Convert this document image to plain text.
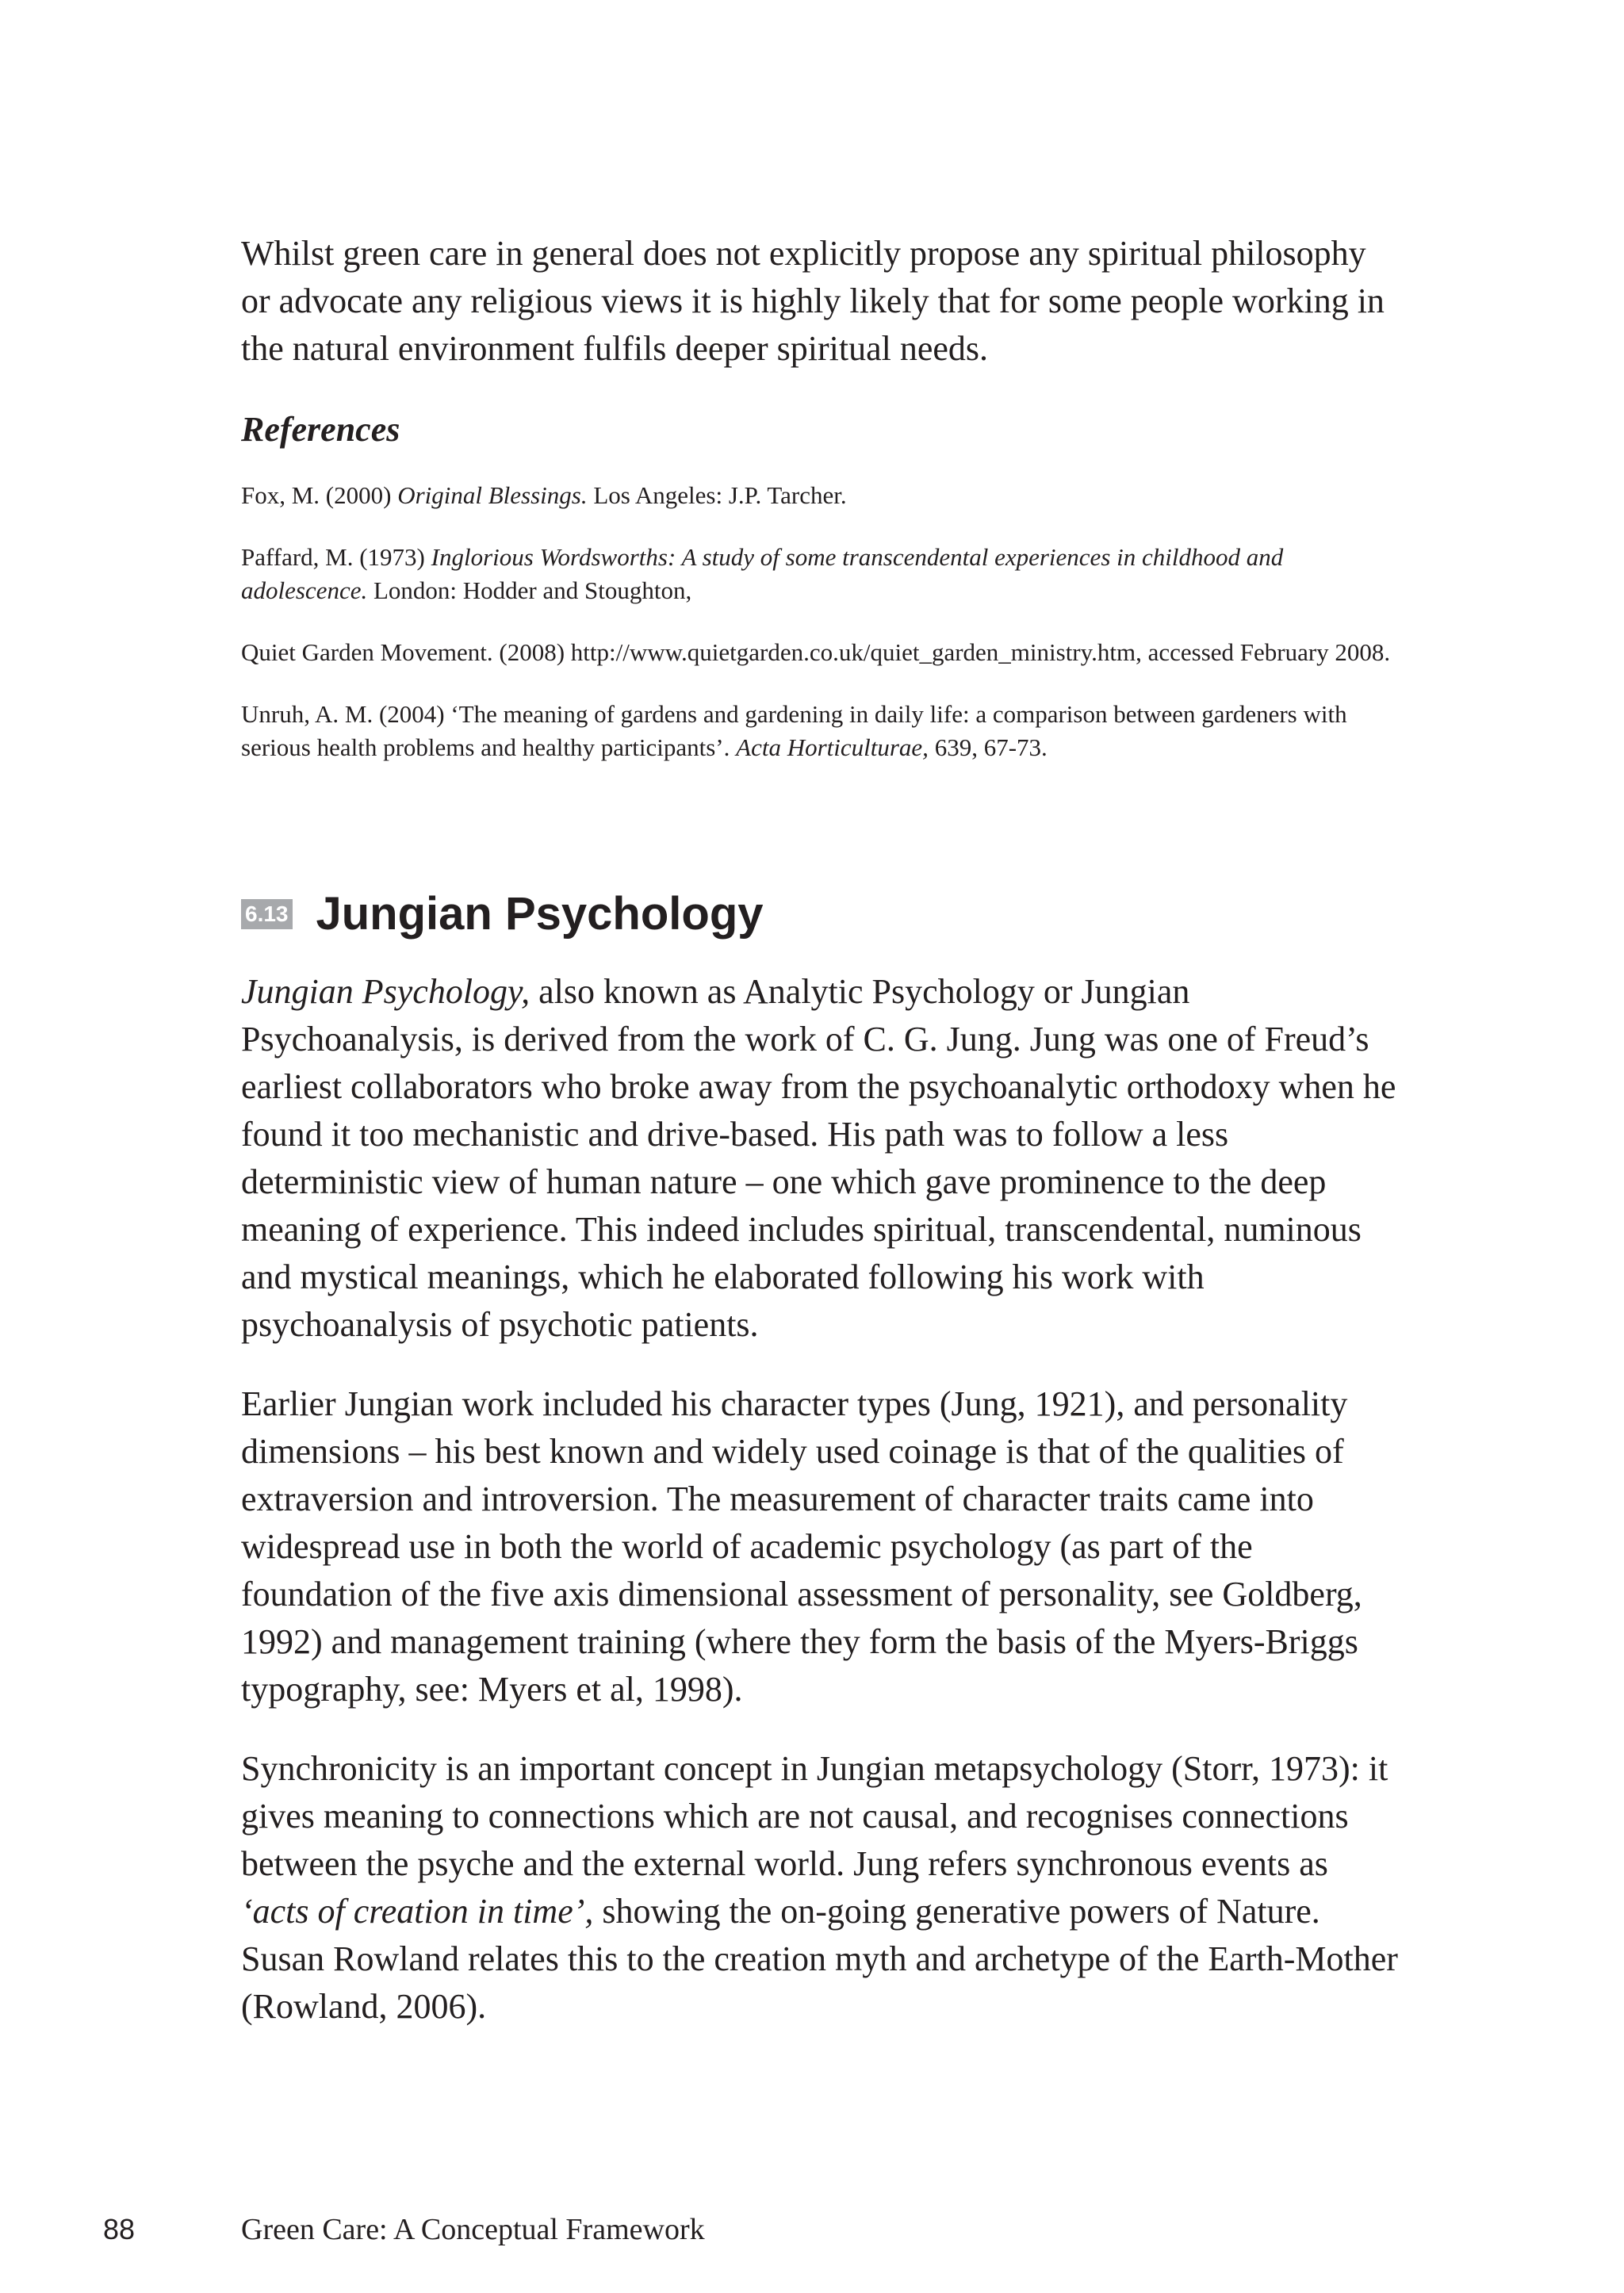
Whilst green care in general does not explicitly propose any spiritual philosophy or advocate any religious views it is highly likely that for some people working in the natural environment fulfils deeper spiritual needs.

References

Fox, M. (2000) Original Blessings. Los Angeles: J.P. Tarcher.

Paffard, M. (1973) Inglorious Wordsworths: A study of some transcendental experiences in childhood and adolescence. London: Hodder and Stoughton,

Quiet Garden Movement. (2008) http://www.quietgarden.co.uk/quiet_garden_ministry.htm, accessed February 2008.

Unruh, A. M. (2004) ‘The meaning of gardens and gardening in daily life: a comparison between gardeners with serious health problems and healthy participants’. Acta Horticulturae, 639, 67-73.

6.13 Jungian Psychology

Jungian Psychology, also known as Analytic Psychology or Jungian Psychoanalysis, is derived from the work of C. G. Jung. Jung was one of Freud’s earliest collaborators who broke away from the psychoanalytic orthodoxy when he found it too mechanistic and drive-based. His path was to follow a less deterministic view of human nature – one which gave prominence to the deep meaning of experience. This indeed includes spiritual, transcendental, numinous and mystical meanings, which he elaborated following his work with psychoanalysis of psychotic patients.

Earlier Jungian work included his character types (Jung, 1921), and personality dimensions – his best known and widely used coinage is that of the qualities of extraversion and introversion. The measurement of character traits came into widespread use in both the world of academic psychology (as part of the foundation of the five axis dimensional assessment of personality, see Goldberg, 1992) and management training (where they form the basis of the Myers-Briggs typography, see: Myers et al, 1998).

Synchronicity is an important concept in Jungian metapsychology (Storr, 1973): it gives meaning to connections which are not causal, and recognises connections between the psyche and the external world. Jung refers synchronous events as ‘acts of creation in time’, showing the on-going generative powers of Nature. Susan Rowland relates this to the creation myth and archetype of the Earth-Mother (Rowland, 2006).

88	Green Care: A Conceptual Framework
